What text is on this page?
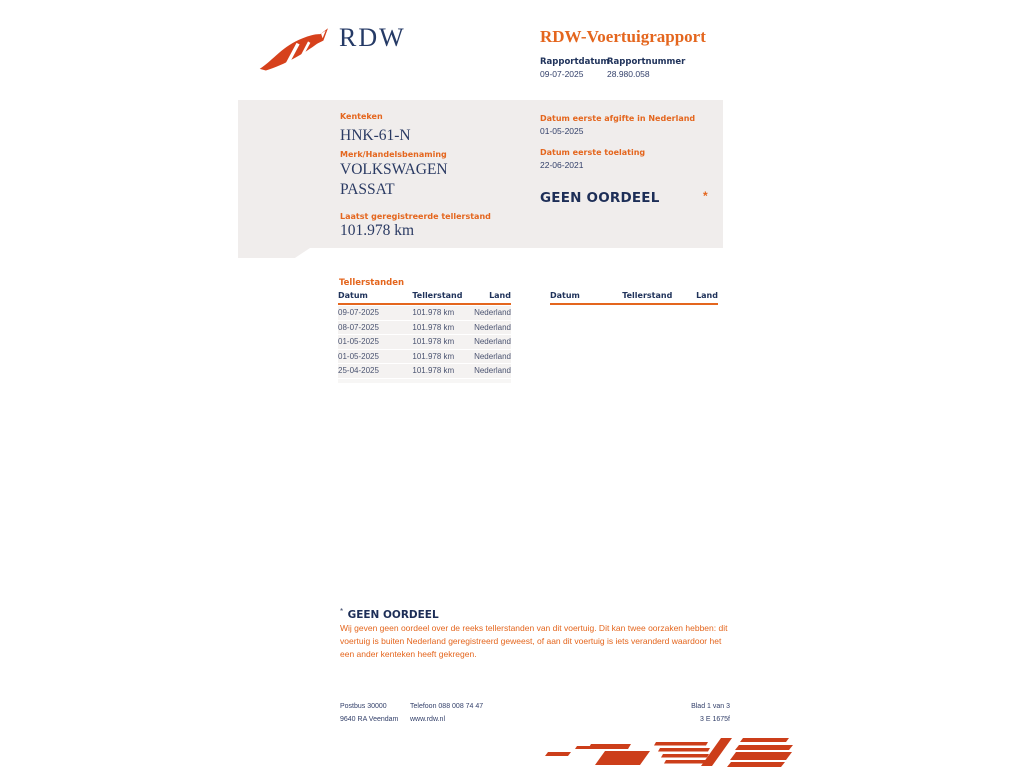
RDW	RDW-Voertuigrapport
Rapportdatum
Rapportnummer
09-07-2025	28.980.058
Kenteken
HNK-61-N
Merk/Handelsbenaming
VOLKSWAGEN
PASSAT
Laatst geregistreerde tellerstand
101.978 km
Datum eerste afgifte in Nederland
01-05-2025
Datum eerste toelating
22-06-2021
GEEN OORDEEL	*
Tellerstanden
Datum	Tellerstand	Land
09-07-2025	101.978 km	Nederland
08-07-2025	101.978 km	Nederland
01-05-2025	101.978 km	Nederland
01-05-2025	101.978 km	Nederland
25-04-2025	101.978 km	Nederland
Datum	Tellerstand	Land
* GEEN OORDEEL
Wij geven geen oordeel over de reeks tellerstanden van dit voertuig. Dit kan twee oorzaken hebben: dit voertuig is buiten Nederland geregistreerd geweest, of aan dit voertuig is iets veranderd waardoor het een ander kenteken heeft gekregen.
Postbus 30000
9640 RA Veendam
Telefoon 088 008 74 47
www.rdw.nl
Blad 1 van 3
3 E 1675f
